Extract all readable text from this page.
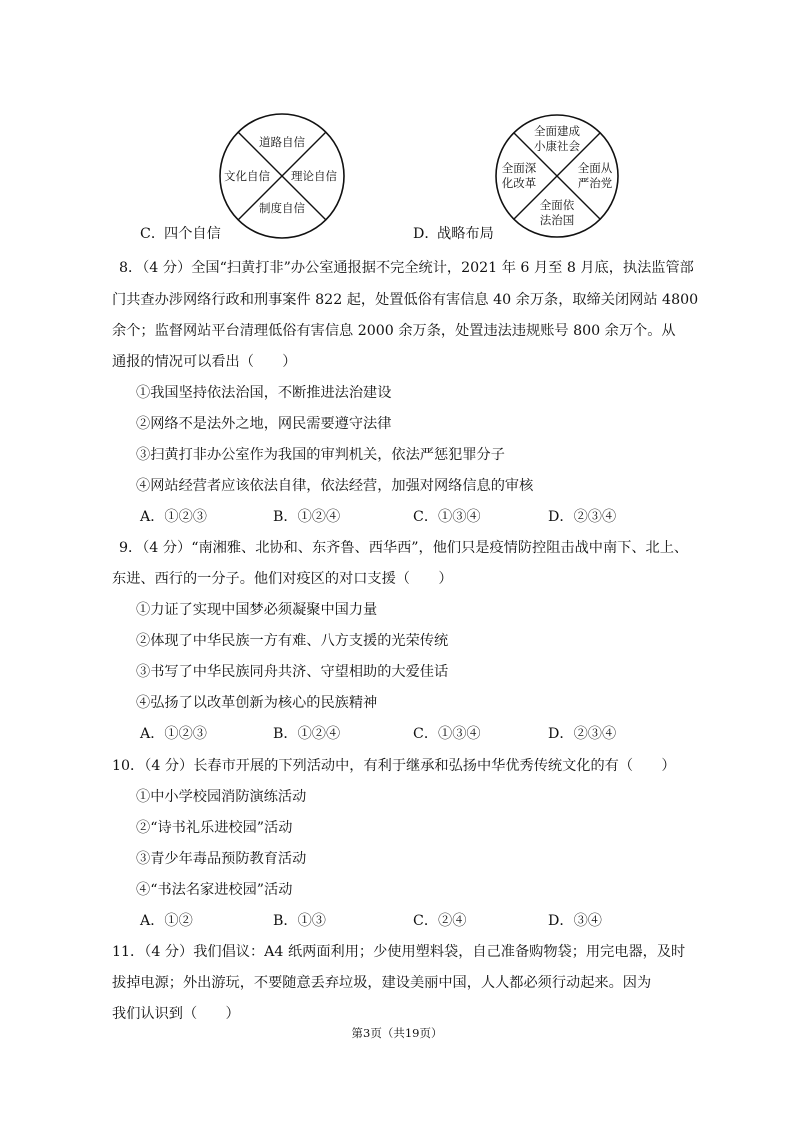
道路自信
文化自信 理论自信
制度自信
全面建成
小康社会
全面深
化改革
全面从
严治党
全面依
法治国
C．
四个自信	D．
战略布局
8．（4 分）全国“扫黄打非”办公室通报据不完全统计，2021 年 6 月至 8 月底，执法监管部
门共查办涉网络行政和刑事案件 822 起，处置低俗有害信息 40 余万条，取缔关闭网站 4800
余个；监督网站平台清理低俗有害信息 2000 余万条，处置违法违规账号 800 余万个。从
通报的情况可以看出（　　）
①我国坚持依法治国，不断推进法治建设
②网络不是法外之地，网民需要遵守法律
③扫黄打非办公室作为我国的审判机关，依法严惩犯罪分子
④网站经营者应该依法自律，依法经营，加强对网络信息的审核
A．①②③	B．①②④	C．①③④	D．②③④
9．（4 分）“南湘雅、北协和、东齐鲁、西华西”，他们只是疫情防控阻击战中南下、北上、
东进、西行的一分子。他们对疫区的对口支援（　　）
①力证了实现中国梦必须凝聚中国力量
②体现了中华民族一方有难、八方支援的光荣传统
③书写了中华民族同舟共济、守望相助的大爱佳话
④弘扬了以改革创新为核心的民族精神
A．①②③	B．①②④	C．①③④	D．②③④
10．（4 分）长春市开展的下列活动中，有利于继承和弘扬中华优秀传统文化的有（　　）
①中小学校园消防演练活动
②“诗书礼乐进校园”活动
③青少年毒品预防教育活动
④“书法名家进校园”活动
A．①②	B．①③	C．②④	D．③④
11．（4 分）我们倡议：A4 纸两面利用；少使用塑料袋，自己准备购物袋；用完电器，及时
拔掉电源；外出游玩，不要随意丢弃垃圾，建设美丽中国，人人都必须行动起来。因为
我们认识到（　　）
第3页（共19页）
